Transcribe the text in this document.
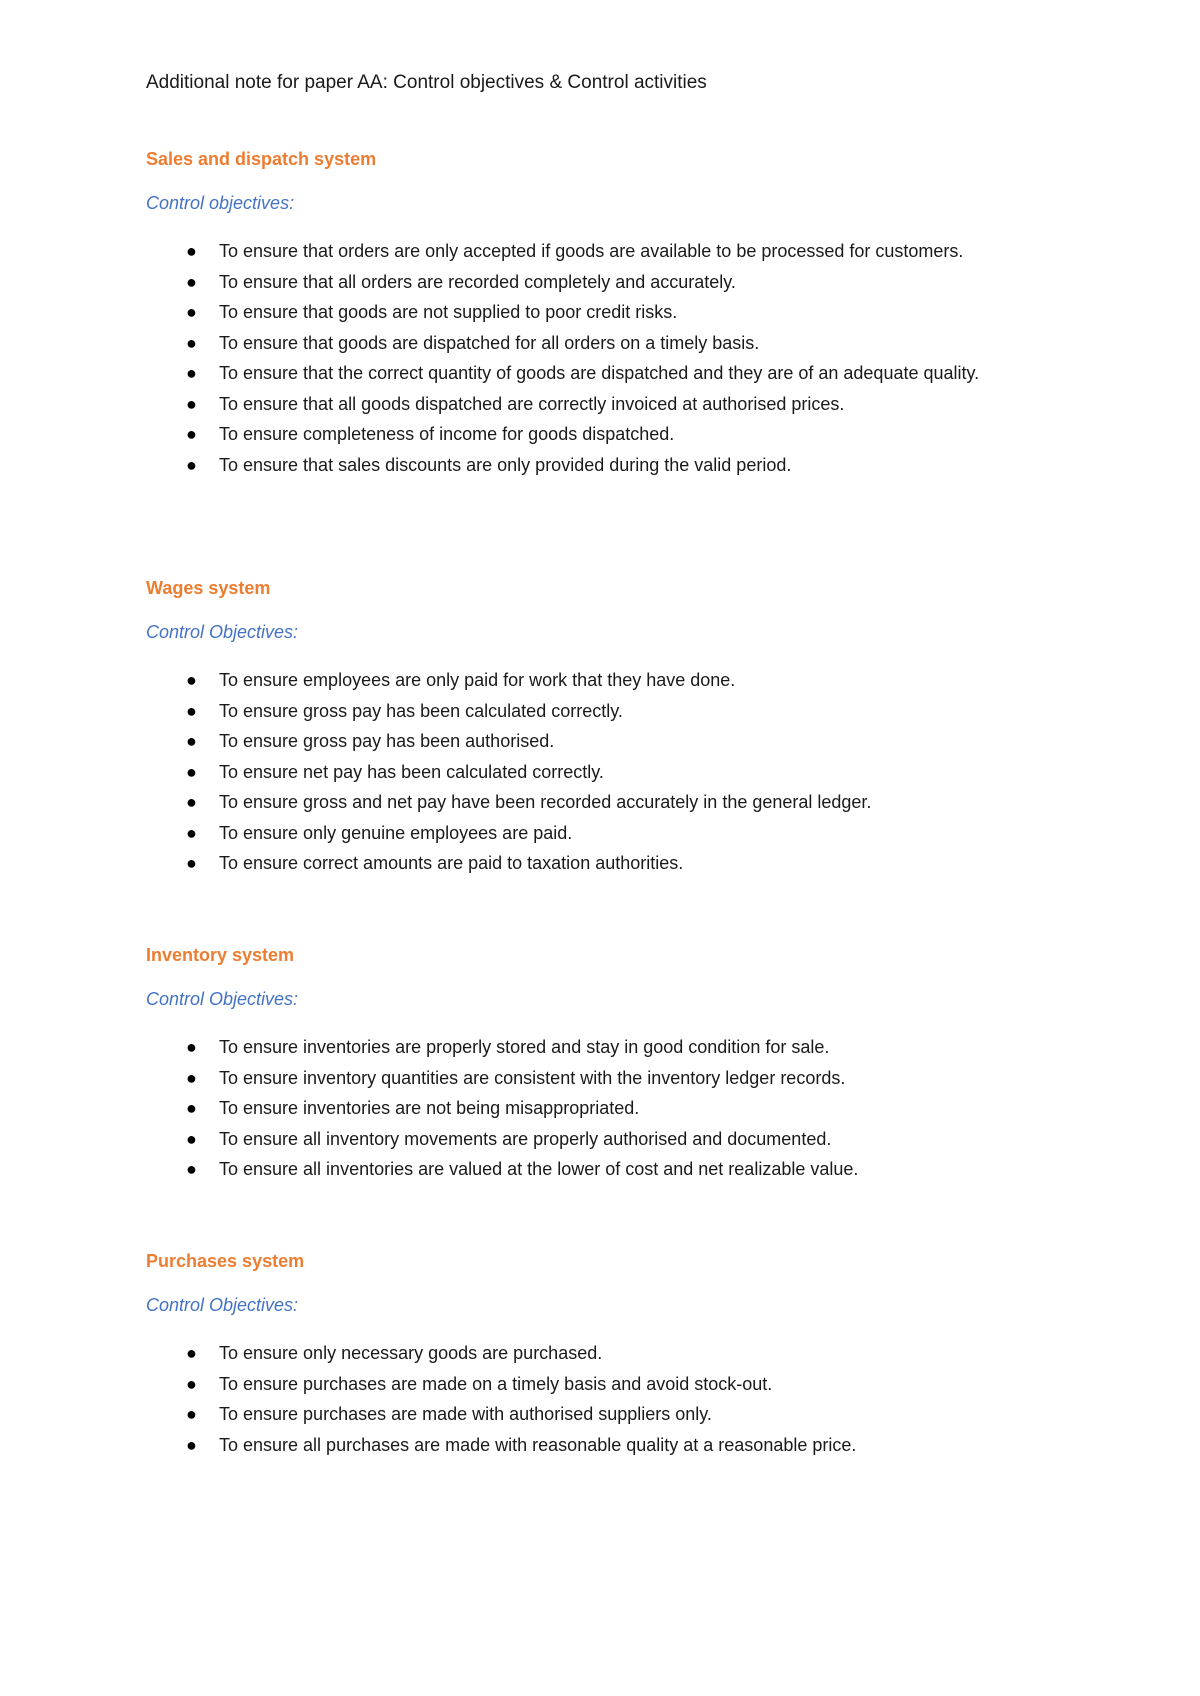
Additional note for paper AA: Control objectives & Control activities
Sales and dispatch system
Control objectives:
● To ensure that orders are only accepted if goods are available to be processed for customers.
● To ensure that all orders are recorded completely and accurately.
● To ensure that goods are not supplied to poor credit risks.
● To ensure that goods are dispatched for all orders on a timely basis.
● To ensure that the correct quantity of goods are dispatched and they are of an adequate quality.
● To ensure that all goods dispatched are correctly invoiced at authorised prices.
● To ensure completeness of income for goods dispatched.
● To ensure that sales discounts are only provided during the valid period.
Wages system
Control Objectives:
● To ensure employees are only paid for work that they have done.
● To ensure gross pay has been calculated correctly.
● To ensure gross pay has been authorised.
● To ensure net pay has been calculated correctly.
● To ensure gross and net pay have been recorded accurately in the general ledger.
● To ensure only genuine employees are paid.
● To ensure correct amounts are paid to taxation authorities.
Inventory system
Control Objectives:
● To ensure inventories are properly stored and stay in good condition for sale.
● To ensure inventory quantities are consistent with the inventory ledger records.
● To ensure inventories are not being misappropriated.
● To ensure all inventory movements are properly authorised and documented.
● To ensure all inventories are valued at the lower of cost and net realizable value.
Purchases system
Control Objectives:
● To ensure only necessary goods are purchased.
● To ensure purchases are made on a timely basis and avoid stock-out.
● To ensure purchases are made with authorised suppliers only.
● To ensure all purchases are made with reasonable quality at a reasonable price.
